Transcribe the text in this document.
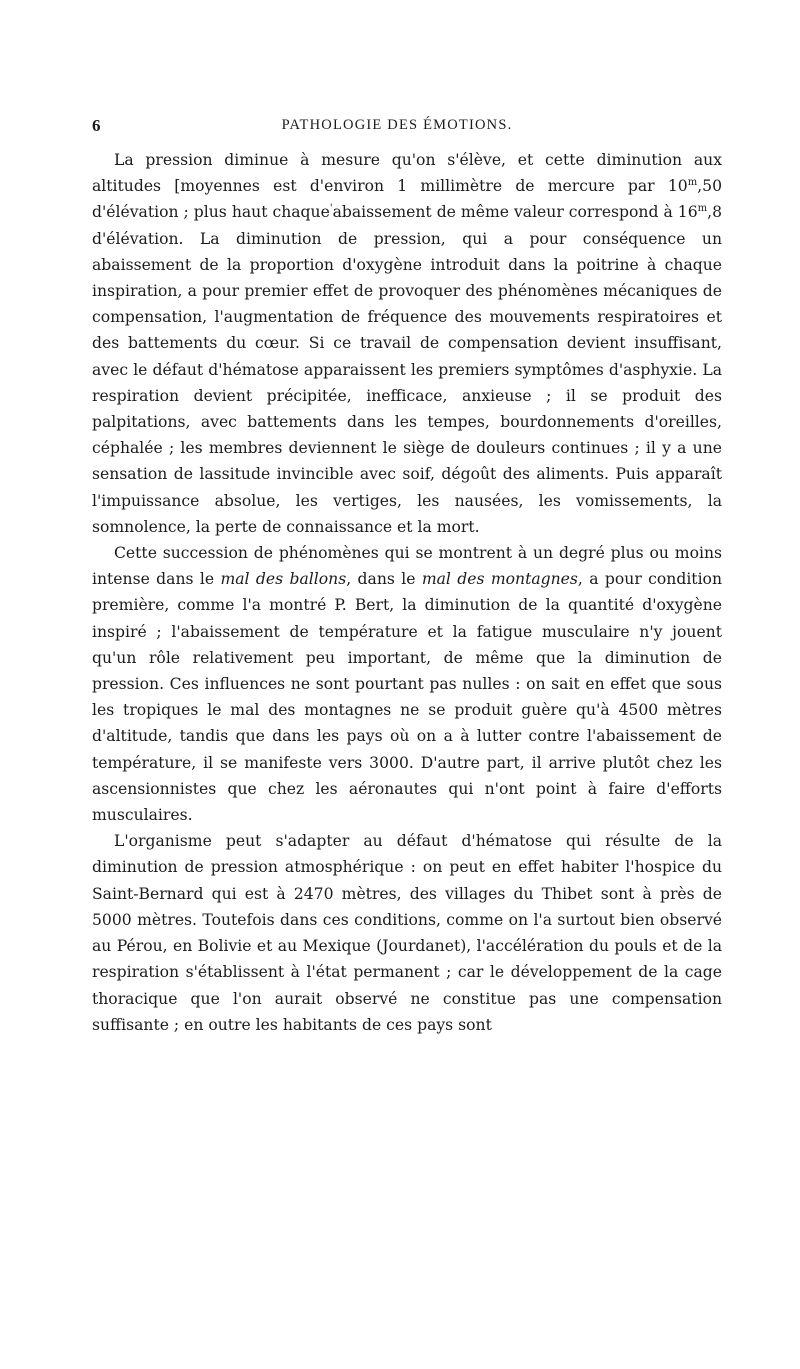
6	PATHOLOGIE DES ÉMOTIONS.

La pression diminue à mesure qu'on s'élève, et cette diminution aux altitudes [moyennes est d'environ 1 millimètre de mercure par 10$^m$,50 d'élévation ; plus haut chaque'abaissement de même valeur correspond à 16$^m$,8 d'élévation. La diminution de pression, qui a pour conséquence un abaissement de la proportion d'oxygène introduit dans la poitrine à chaque inspiration, a pour premier effet de provoquer des phénomènes mécaniques de compensation, l'augmentation de fréquence des mouvements respiratoires et des battements du cœur. Si ce travail de compensation devient insuffisant, avec le défaut d'hématose apparaissent les premiers symptômes d'asphyxie. La respiration devient précipitée, inefficace, anxieuse ; il se produit des palpitations, avec battements dans les tempes, bourdonnements d'oreilles, céphalée ; les membres deviennent le siège de douleurs continues ; il y a une sensation de lassitude invincible avec soif, dégoût des aliments. Puis apparaît l'impuissance absolue, les vertiges, les nausées, les vomissements, la somnolence, la perte de connaissance et la mort.

Cette succession de phénomènes qui se montrent à un degré plus ou moins intense dans le mal des ballons, dans le mal des montagnes, a pour condition première, comme l'a montré P. Bert, la diminution de la quantité d'oxygène inspiré ; l'abaissement de température et la fatigue musculaire n'y jouent qu'un rôle relativement peu important, de même que la diminution de pression. Ces influences ne sont pourtant pas nulles : on sait en effet que sous les tropiques le mal des montagnes ne se produit guère qu'à 4500 mètres d'altitude, tandis que dans les pays où on a à lutter contre l'abaissement de température, il se manifeste vers 3000. D'autre part, il arrive plutôt chez les ascensionnistes que chez les aéronautes qui n'ont point à faire d'efforts musculaires.

L'organisme peut s'adapter au défaut d'hématose qui résulte de la diminution de pression atmosphérique : on peut en effet habiter l'hospice du Saint-Bernard qui est à 2470 mètres, des villages du Thibet sont à près de 5000 mètres. Toutefois dans ces conditions, comme on l'a surtout bien observé au Pérou, en Bolivie et au Mexique (Jourdanet), l'accélération du pouls et de la respiration s'établissent à l'état permanent ; car le développement de la cage thoracique que l'on aurait observé ne constitue pas une compensation suffisante ; en outre les habitants de ces pays sont
